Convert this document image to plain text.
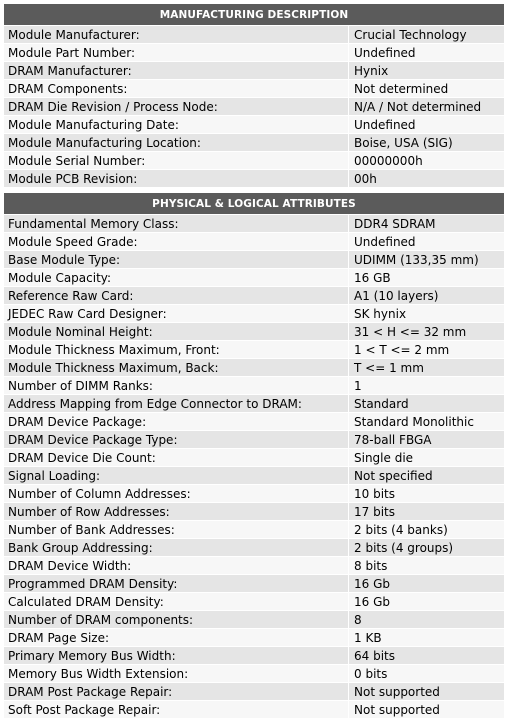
MANUFACTURING DESCRIPTION
Module Manufacturer:	Crucial Technology
Module Part Number:	Undefined
DRAM Manufacturer:	Hynix
DRAM Components:	Not determined
DRAM Die Revision / Process Node:	N/A / Not determined
Module Manufacturing Date:	Undefined
Module Manufacturing Location:	Boise, USA (SIG)
Module Serial Number:	00000000h
Module PCB Revision:	00h
PHYSICAL & LOGICAL ATTRIBUTES
Fundamental Memory Class:	DDR4 SDRAM
Module Speed Grade:	Undefined
Base Module Type:	UDIMM (133,35 mm)
Module Capacity:	16 GB
Reference Raw Card:	A1 (10 layers)
JEDEC Raw Card Designer:	SK hynix
Module Nominal Height:	31 < H <= 32 mm
Module Thickness Maximum, Front:	1 < T <= 2 mm
Module Thickness Maximum, Back:	T <= 1 mm
Number of DIMM Ranks:	1
Address Mapping from Edge Connector to DRAM:	Standard
DRAM Device Package:	Standard Monolithic
DRAM Device Package Type:	78-ball FBGA
DRAM Device Die Count:	Single die
Signal Loading:	Not specified
Number of Column Addresses:	10 bits
Number of Row Addresses:	17 bits
Number of Bank Addresses:	2 bits (4 banks)
Bank Group Addressing:	2 bits (4 groups)
DRAM Device Width:	8 bits
Programmed DRAM Density:	16 Gb
Calculated DRAM Density:	16 Gb
Number of DRAM components:	8
DRAM Page Size:	1 KB
Primary Memory Bus Width:	64 bits
Memory Bus Width Extension:	0 bits
DRAM Post Package Repair:	Not supported
Soft Post Package Repair:	Not supported
